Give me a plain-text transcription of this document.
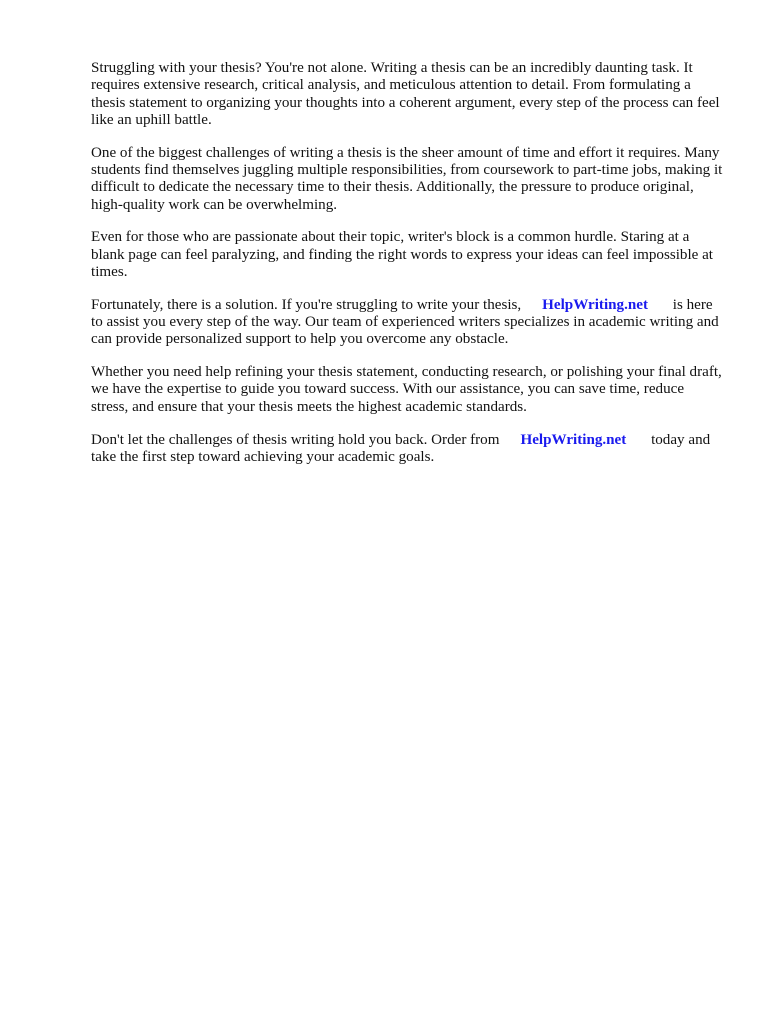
Struggling with your thesis? You're not alone. Writing a thesis can be an incredibly daunting task. It requires extensive research, critical analysis, and meticulous attention to detail. From formulating a thesis statement to organizing your thoughts into a coherent argument, every step of the process can feel like an uphill battle.

One of the biggest challenges of writing a thesis is the sheer amount of time and effort it requires. Many students find themselves juggling multiple responsibilities, from coursework to part-time jobs, making it difficult to dedicate the necessary time to their thesis. Additionally, the pressure to produce original, high-quality work can be overwhelming.

Even for those who are passionate about their topic, writer's block is a common hurdle. Staring at a blank page can feel paralyzing, and finding the right words to express your ideas can feel impossible at times.

Fortunately, there is a solution. If you're struggling to write your thesis, HelpWriting.net is here to assist you every step of the way. Our team of experienced writers specializes in academic writing and can provide personalized support to help you overcome any obstacle.

Whether you need help refining your thesis statement, conducting research, or polishing your final draft, we have the expertise to guide you toward success. With our assistance, you can save time, reduce stress, and ensure that your thesis meets the highest academic standards.

Don't let the challenges of thesis writing hold you back. Order from HelpWriting.net today and take the first step toward achieving your academic goals.
